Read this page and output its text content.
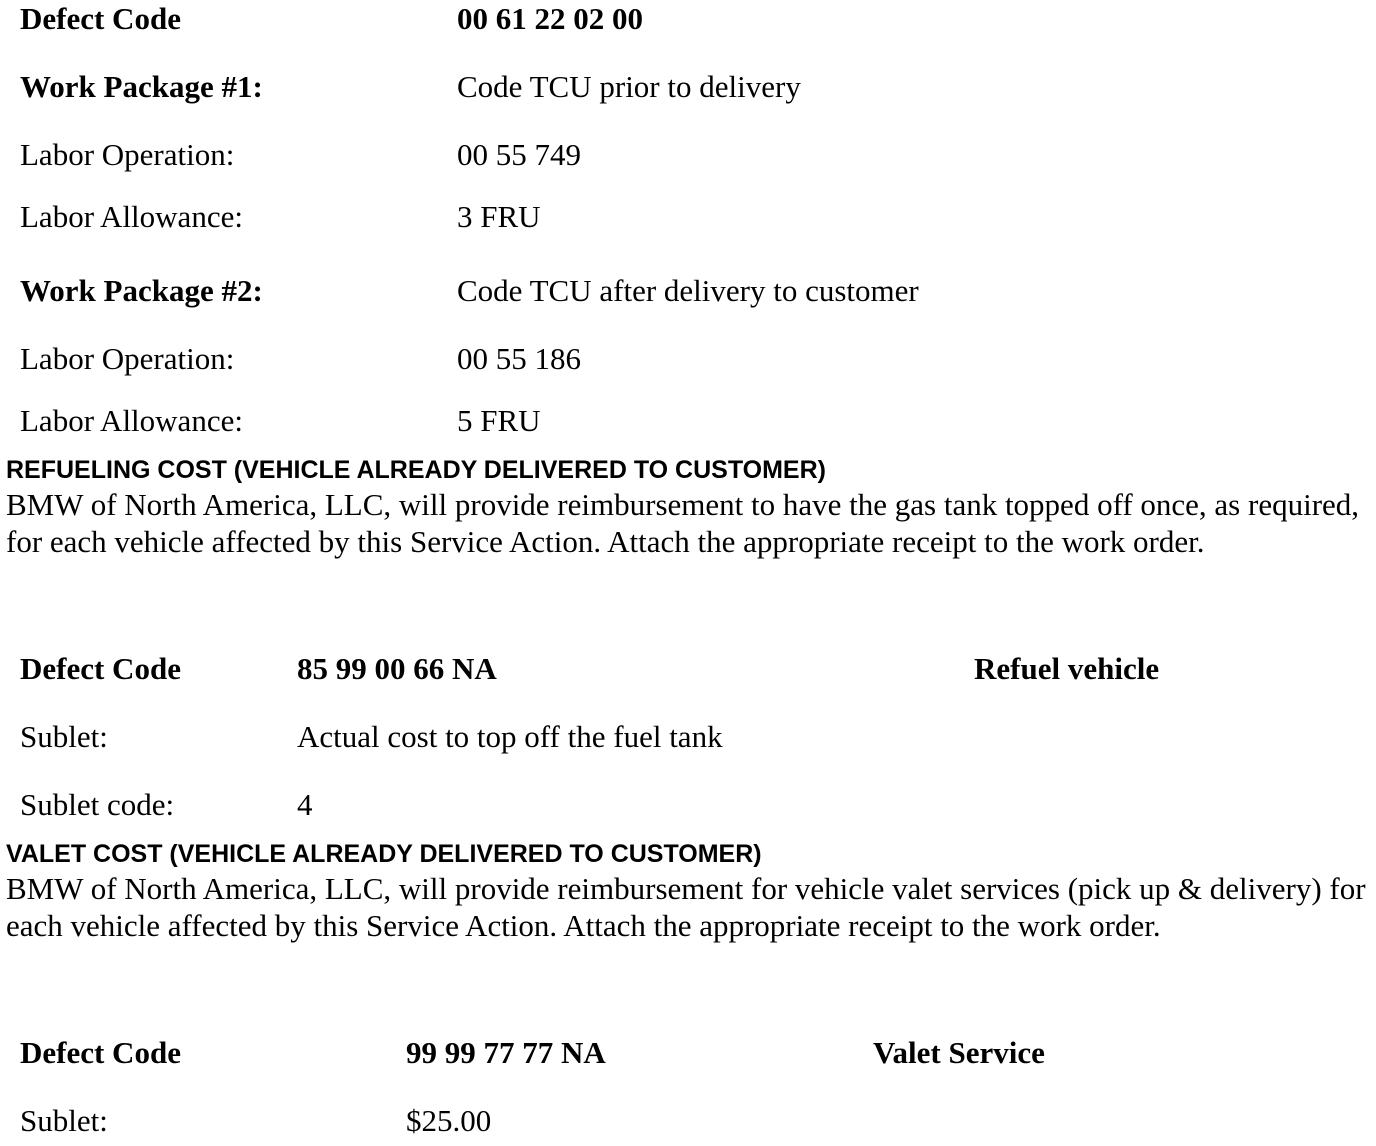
Defect Code	00 61 22 02 00
Work Package #1:	Code TCU prior to delivery
Labor Operation:	00 55 749
Labor Allowance:	3 FRU
Work Package #2:	Code TCU after delivery to customer
Labor Operation:	00 55 186
Labor Allowance:	5 FRU
REFUELING COST (VEHICLE ALREADY DELIVERED TO CUSTOMER)
BMW of North America, LLC, will provide reimbursement to have the gas tank topped off once, as required, for each vehicle affected by this Service Action. Attach the appropriate receipt to the work order.
Defect Code	85 99 00 66 NA	Refuel vehicle
Sublet:	Actual cost to top off the fuel tank
Sublet code:	4
VALET COST (VEHICLE ALREADY DELIVERED TO CUSTOMER)
BMW of North America, LLC, will provide reimbursement for vehicle valet services (pick up & delivery) for each vehicle affected by this Service Action. Attach the appropriate receipt to the work order.
Defect Code	99 99 77 77 NA	Valet Service
Sublet:	$25.00
